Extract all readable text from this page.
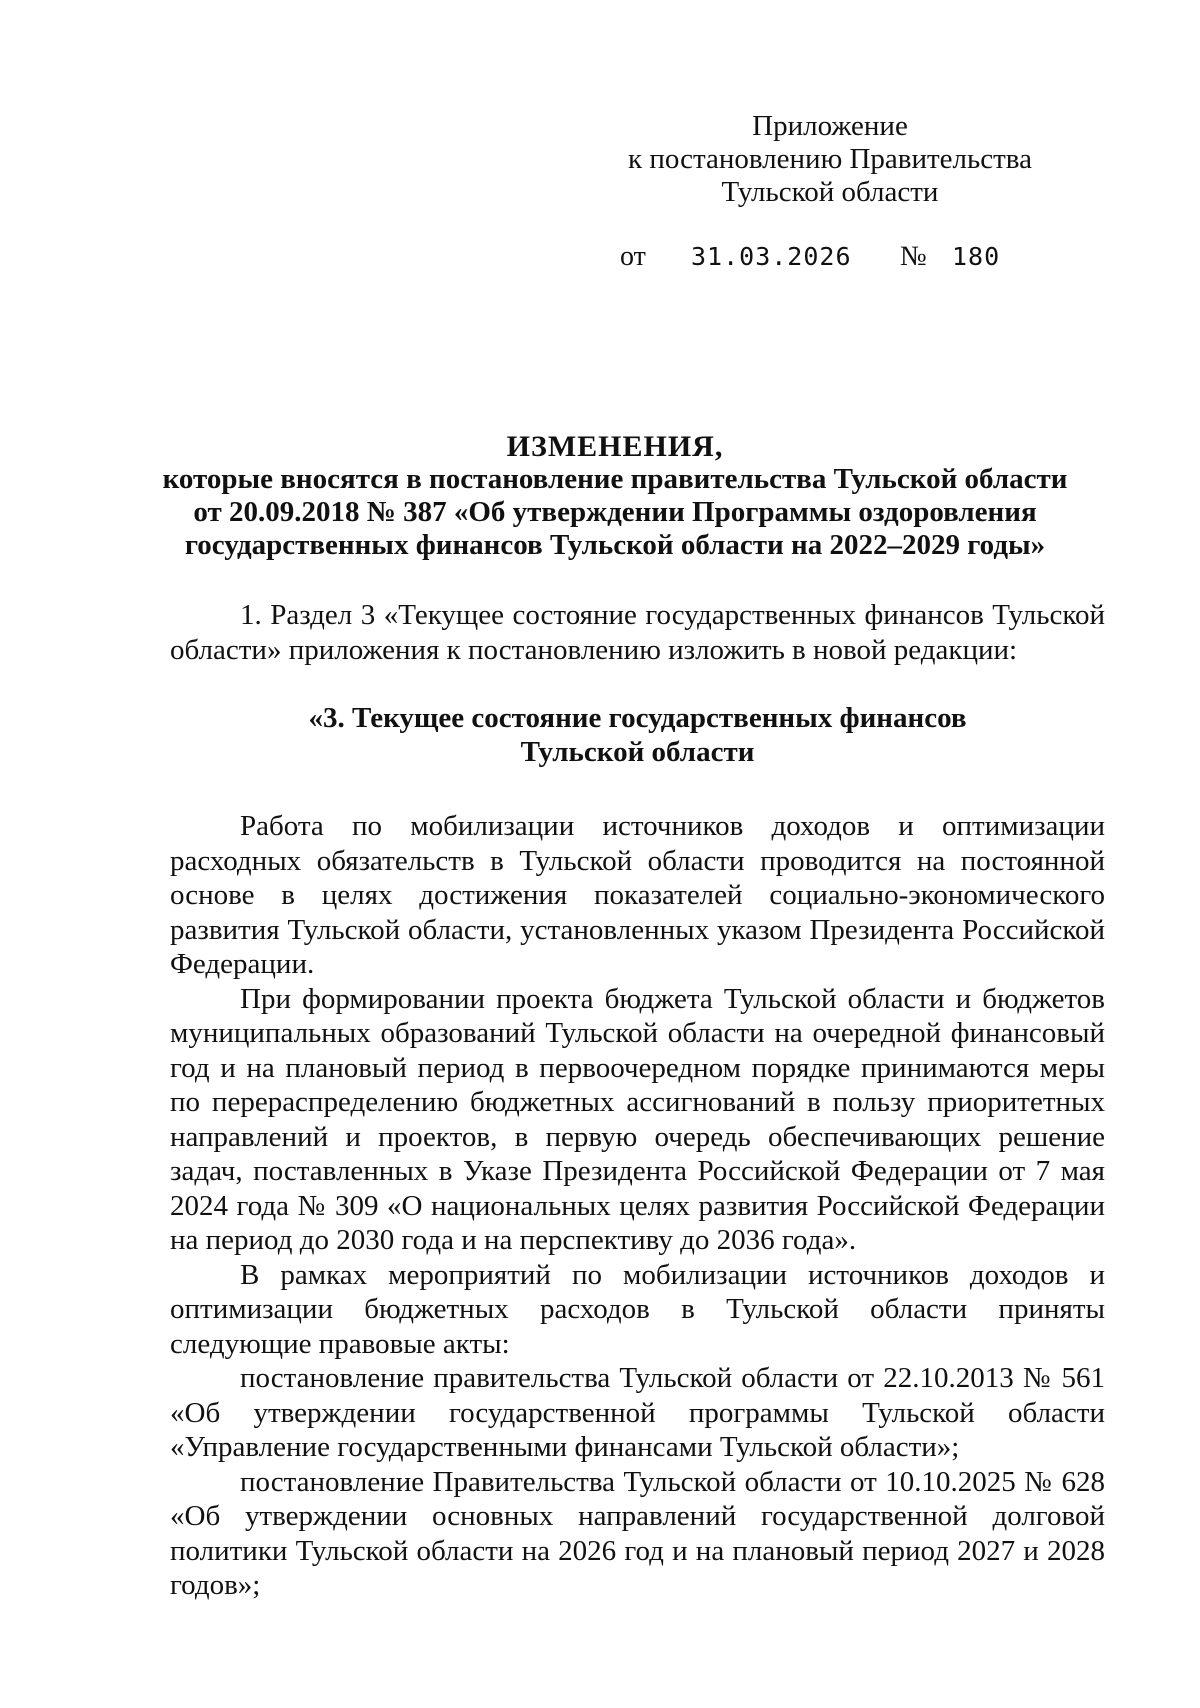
Приложение
к постановлению Правительства
Тульской области
от 31.03.2026 № 180
ИЗМЕНЕНИЯ,
которые вносятся в постановление правительства Тульской области
от 20.09.2018 № 387 «Об утверждении Программы оздоровления
государственных финансов Тульской области на 2022–2029 годы»

1. Раздел 3 «Текущее состояние государственных финансов Тульской области» приложения к постановлению изложить в новой редакции:

«3. Текущее состояние государственных финансов
Тульской области

Работа по мобилизации источников доходов и оптимизации расходных обязательств в Тульской области проводится на постоянной основе в целях достижения показателей социально-экономического развития Тульской области, установленных указом Президента Российской Федерации.

При формировании проекта бюджета Тульской области и бюджетов муниципальных образований Тульской области на очередной финансовый год и на плановый период в первоочередном порядке принимаются меры по перераспределению бюджетных ассигнований в пользу приоритетных направлений и проектов, в первую очередь обеспечивающих решение задач, поставленных в Указе Президента Российской Федерации от 7 мая 2024 года № 309 «О национальных целях развития Российской Федерации на период до 2030 года и на перспективу до 2036 года».

В рамках мероприятий по мобилизации источников доходов и оптимизации бюджетных расходов в Тульской области приняты следующие правовые акты:

постановление правительства Тульской области от 22.10.2013 № 561 «Об утверждении государственной программы Тульской области «Управление государственными финансами Тульской области»;

постановление Правительства Тульской области от 10.10.2025 № 628 «Об утверждении основных направлений государственной долговой политики Тульской области на 2026 год и на плановый период 2027 и 2028 годов»;
